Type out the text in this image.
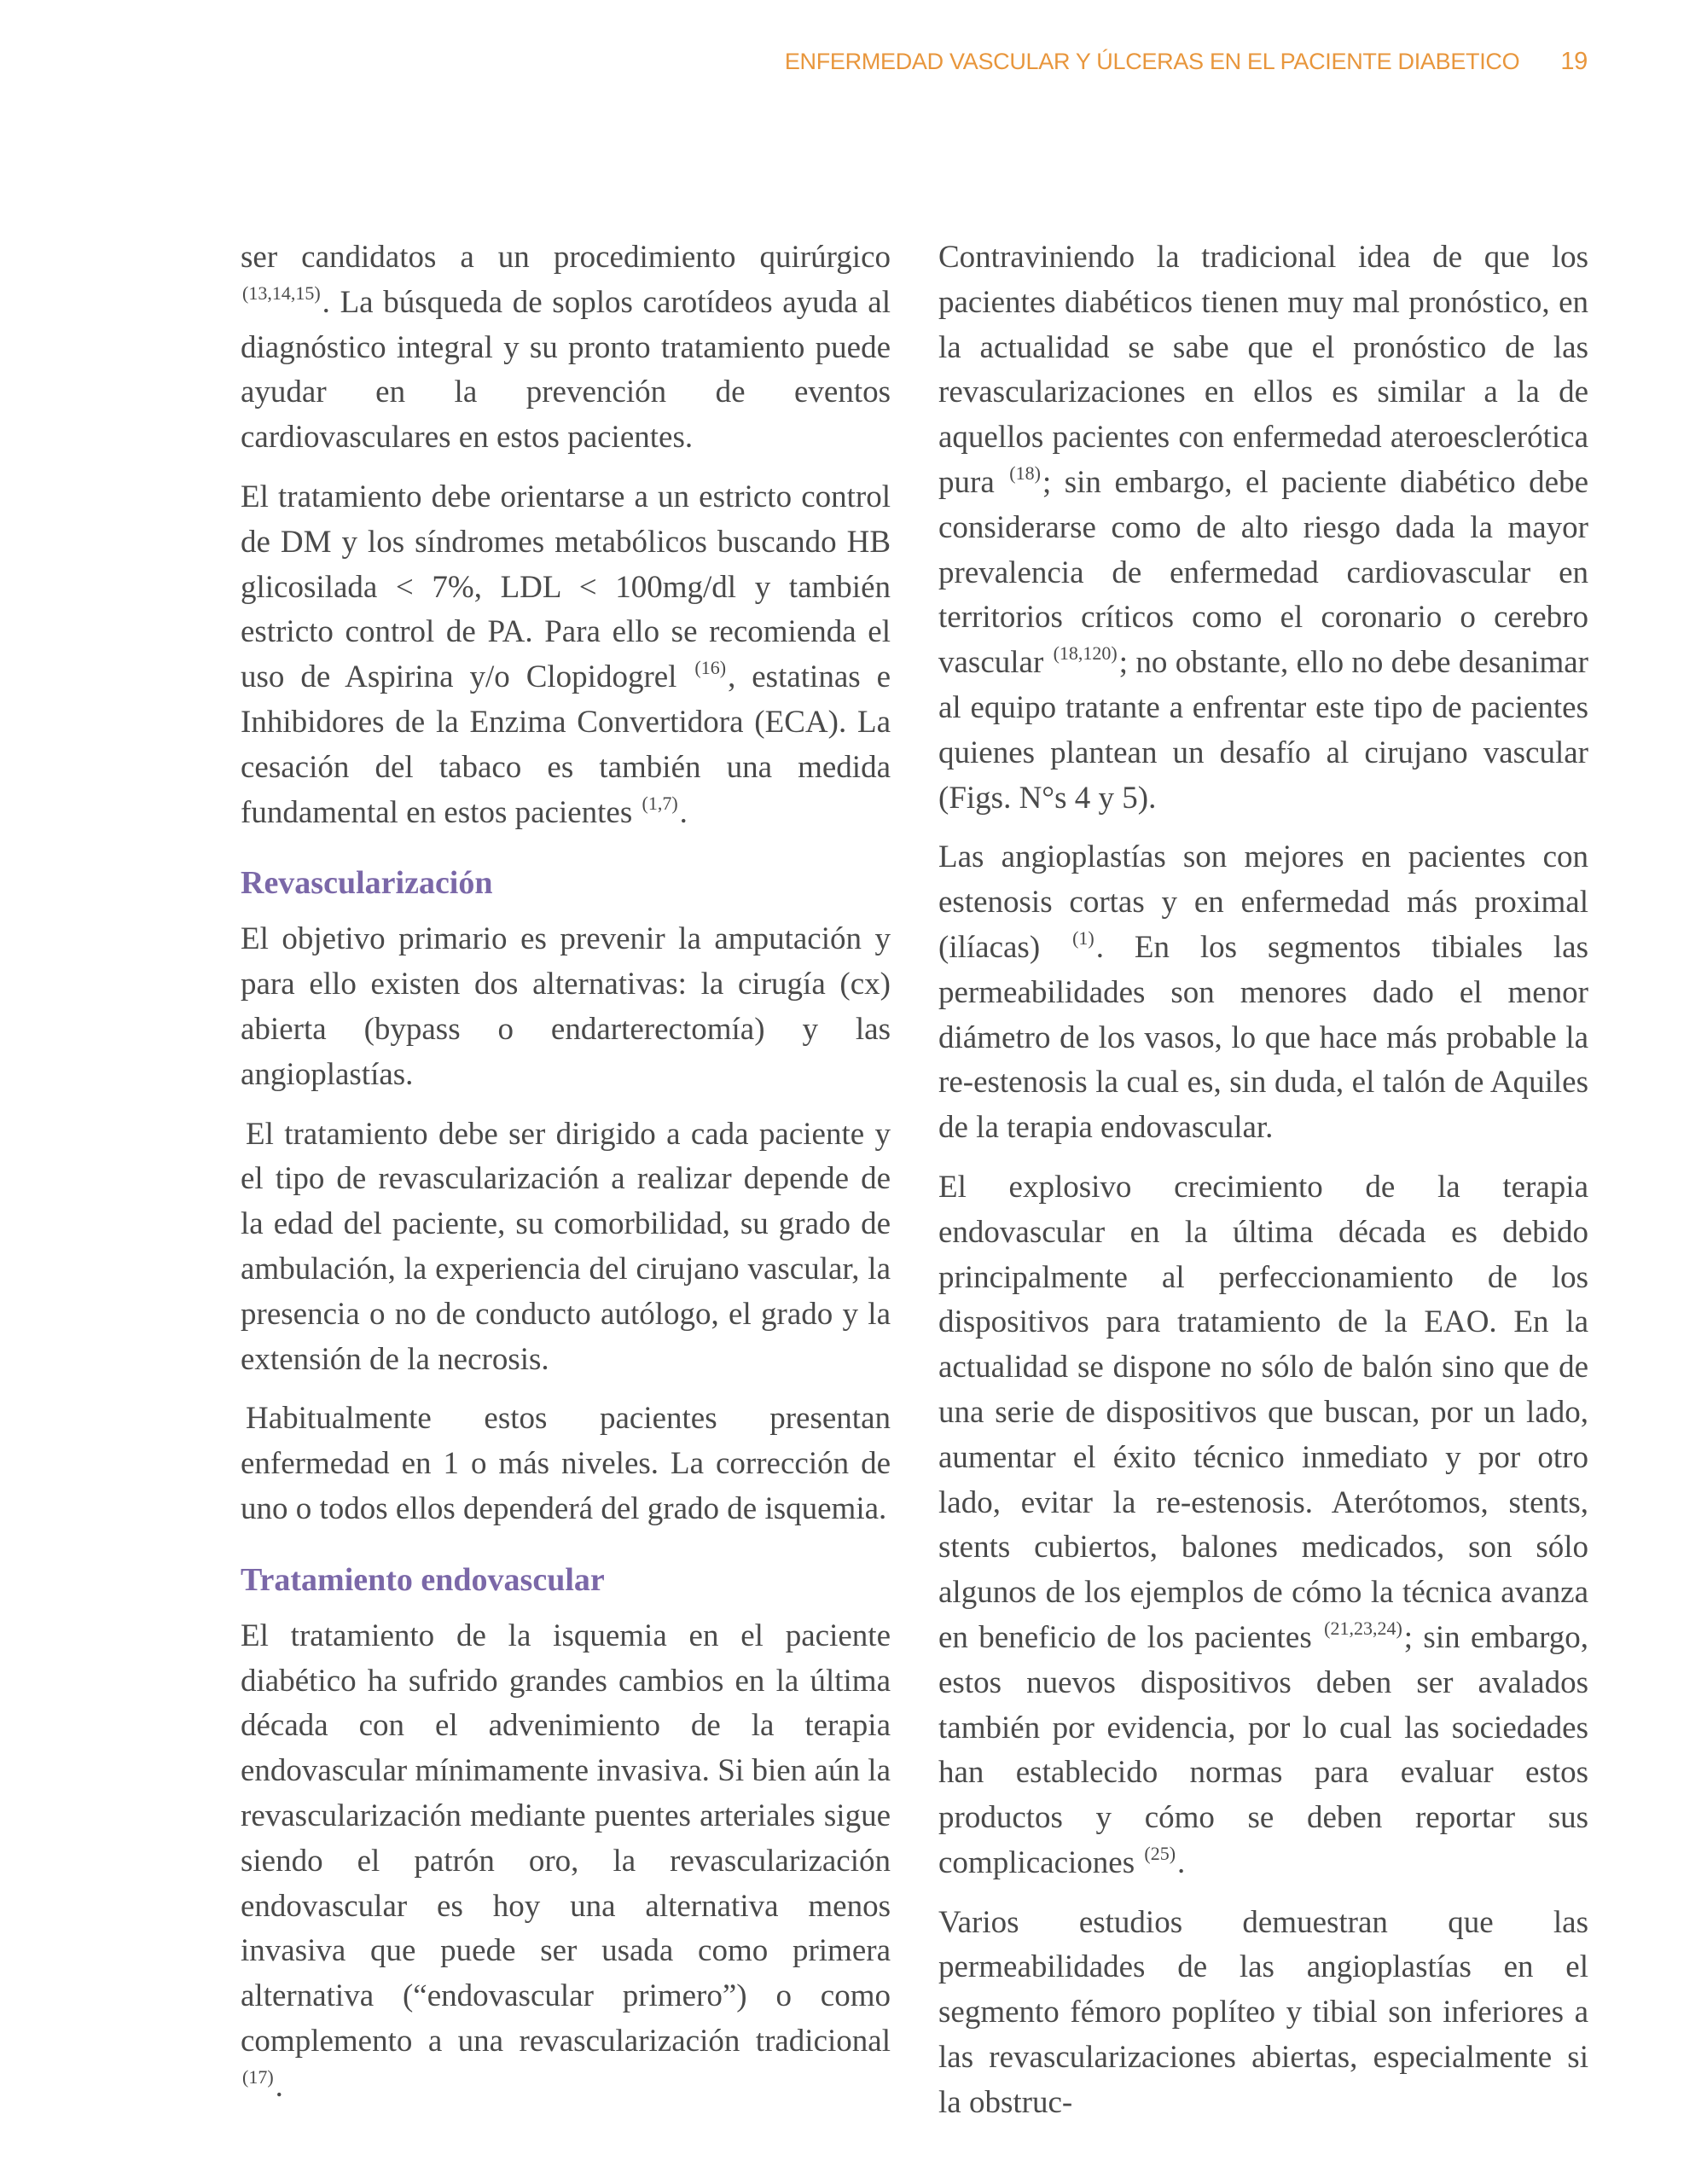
ENFERMEDAD VASCULAR Y ÚLCERAS EN EL PACIENTE DIABETICO 19

ser candidatos a un procedimiento quirúrgico $^{(13,14,15)}$. La búsqueda de soplos carotídeos ayuda al diagnóstico integral y su pronto tratamiento puede ayudar en la prevención de eventos cardiovasculares en estos pacientes.

El tratamiento debe orientarse a un estricto control de DM y los síndromes metabólicos buscando HB glicosilada < 7%, LDL < 100mg/dl y también estricto control de PA. Para ello se recomienda el uso de Aspirina y/o Clopidogrel $^{(16)}$, estatinas e Inhibidores de la Enzima Convertidora (ECA). La cesación del tabaco es también una medida fundamental en estos pacientes $^{(1,7)}$.

Revascularización

El objetivo primario es prevenir la amputación y para ello existen dos alternativas: la cirugía (cx) abierta (bypass o endarterectomía) y las angioplastías.

El tratamiento debe ser dirigido a cada paciente y el tipo de revascularización a realizar depende de la edad del paciente, su comorbilidad, su grado de ambulación, la experiencia del cirujano vascular, la presencia o no de conducto autólogo, el grado y la extensión de la necrosis.

Habitualmente estos pacientes presentan enfermedad en 1 o más niveles. La corrección de uno o todos ellos dependerá del grado de isquemia.

Tratamiento endovascular

El tratamiento de la isquemia en el paciente diabético ha sufrido grandes cambios en la última década con el advenimiento de la terapia endovascular mínimamente invasiva. Si bien aún la revascularización mediante puentes arteriales sigue siendo el patrón oro, la revascularización endovascular es hoy una alternativa menos invasiva que puede ser usada como primera alternativa (“endovascular primero”) o como complemento a una revascularización tradicional $^{(17)}$.

Contraviniendo la tradicional idea de que los pacientes diabéticos tienen muy mal pronóstico, en la actualidad se sabe que el pronóstico de las revascularizaciones en ellos es similar a la de aquellos pacientes con enfermedad ateroesclerótica pura $^{(18)}$; sin embargo, el paciente diabético debe considerarse como de alto riesgo dada la mayor prevalencia de enfermedad cardiovascular en territorios críticos como el coronario o cerebro vascular $^{(18,120)}$; no obstante, ello no debe desanimar al equipo tratante a enfrentar este tipo de pacientes quienes plantean un desafío al cirujano vascular (Figs. N°s 4 y 5).

Las angioplastías son mejores en pacientes con estenosis cortas y en enfermedad más proximal (ilíacas) $^{(1)}$. En los segmentos tibiales las permeabilidades son menores dado el menor diámetro de los vasos, lo que hace más probable la re-estenosis la cual es, sin duda, el talón de Aquiles de la terapia endovascular.

El explosivo crecimiento de la terapia endovascular en la última década es debido principalmente al perfeccionamiento de los dispositivos para tratamiento de la EAO. En la actualidad se dispone no sólo de balón sino que de una serie de dispositivos que buscan, por un lado, aumentar el éxito técnico inmediato y por otro lado, evitar la re-estenosis. Aterótomos, stents, stents cubiertos, balones medicados, son sólo algunos de los ejemplos de cómo la técnica avanza en beneficio de los pacientes $^{(21,23,24)}$; sin embargo, estos nuevos dispositivos deben ser avalados también por evidencia, por lo cual las sociedades han establecido normas para evaluar estos productos y cómo se deben reportar sus complicaciones $^{(25)}$.

Varios estudios demuestran que las permeabilidades de las angioplastías en el segmento fémoro poplíteo y tibial son inferiores a las revascularizaciones abiertas, especialmente si la obstruc-
